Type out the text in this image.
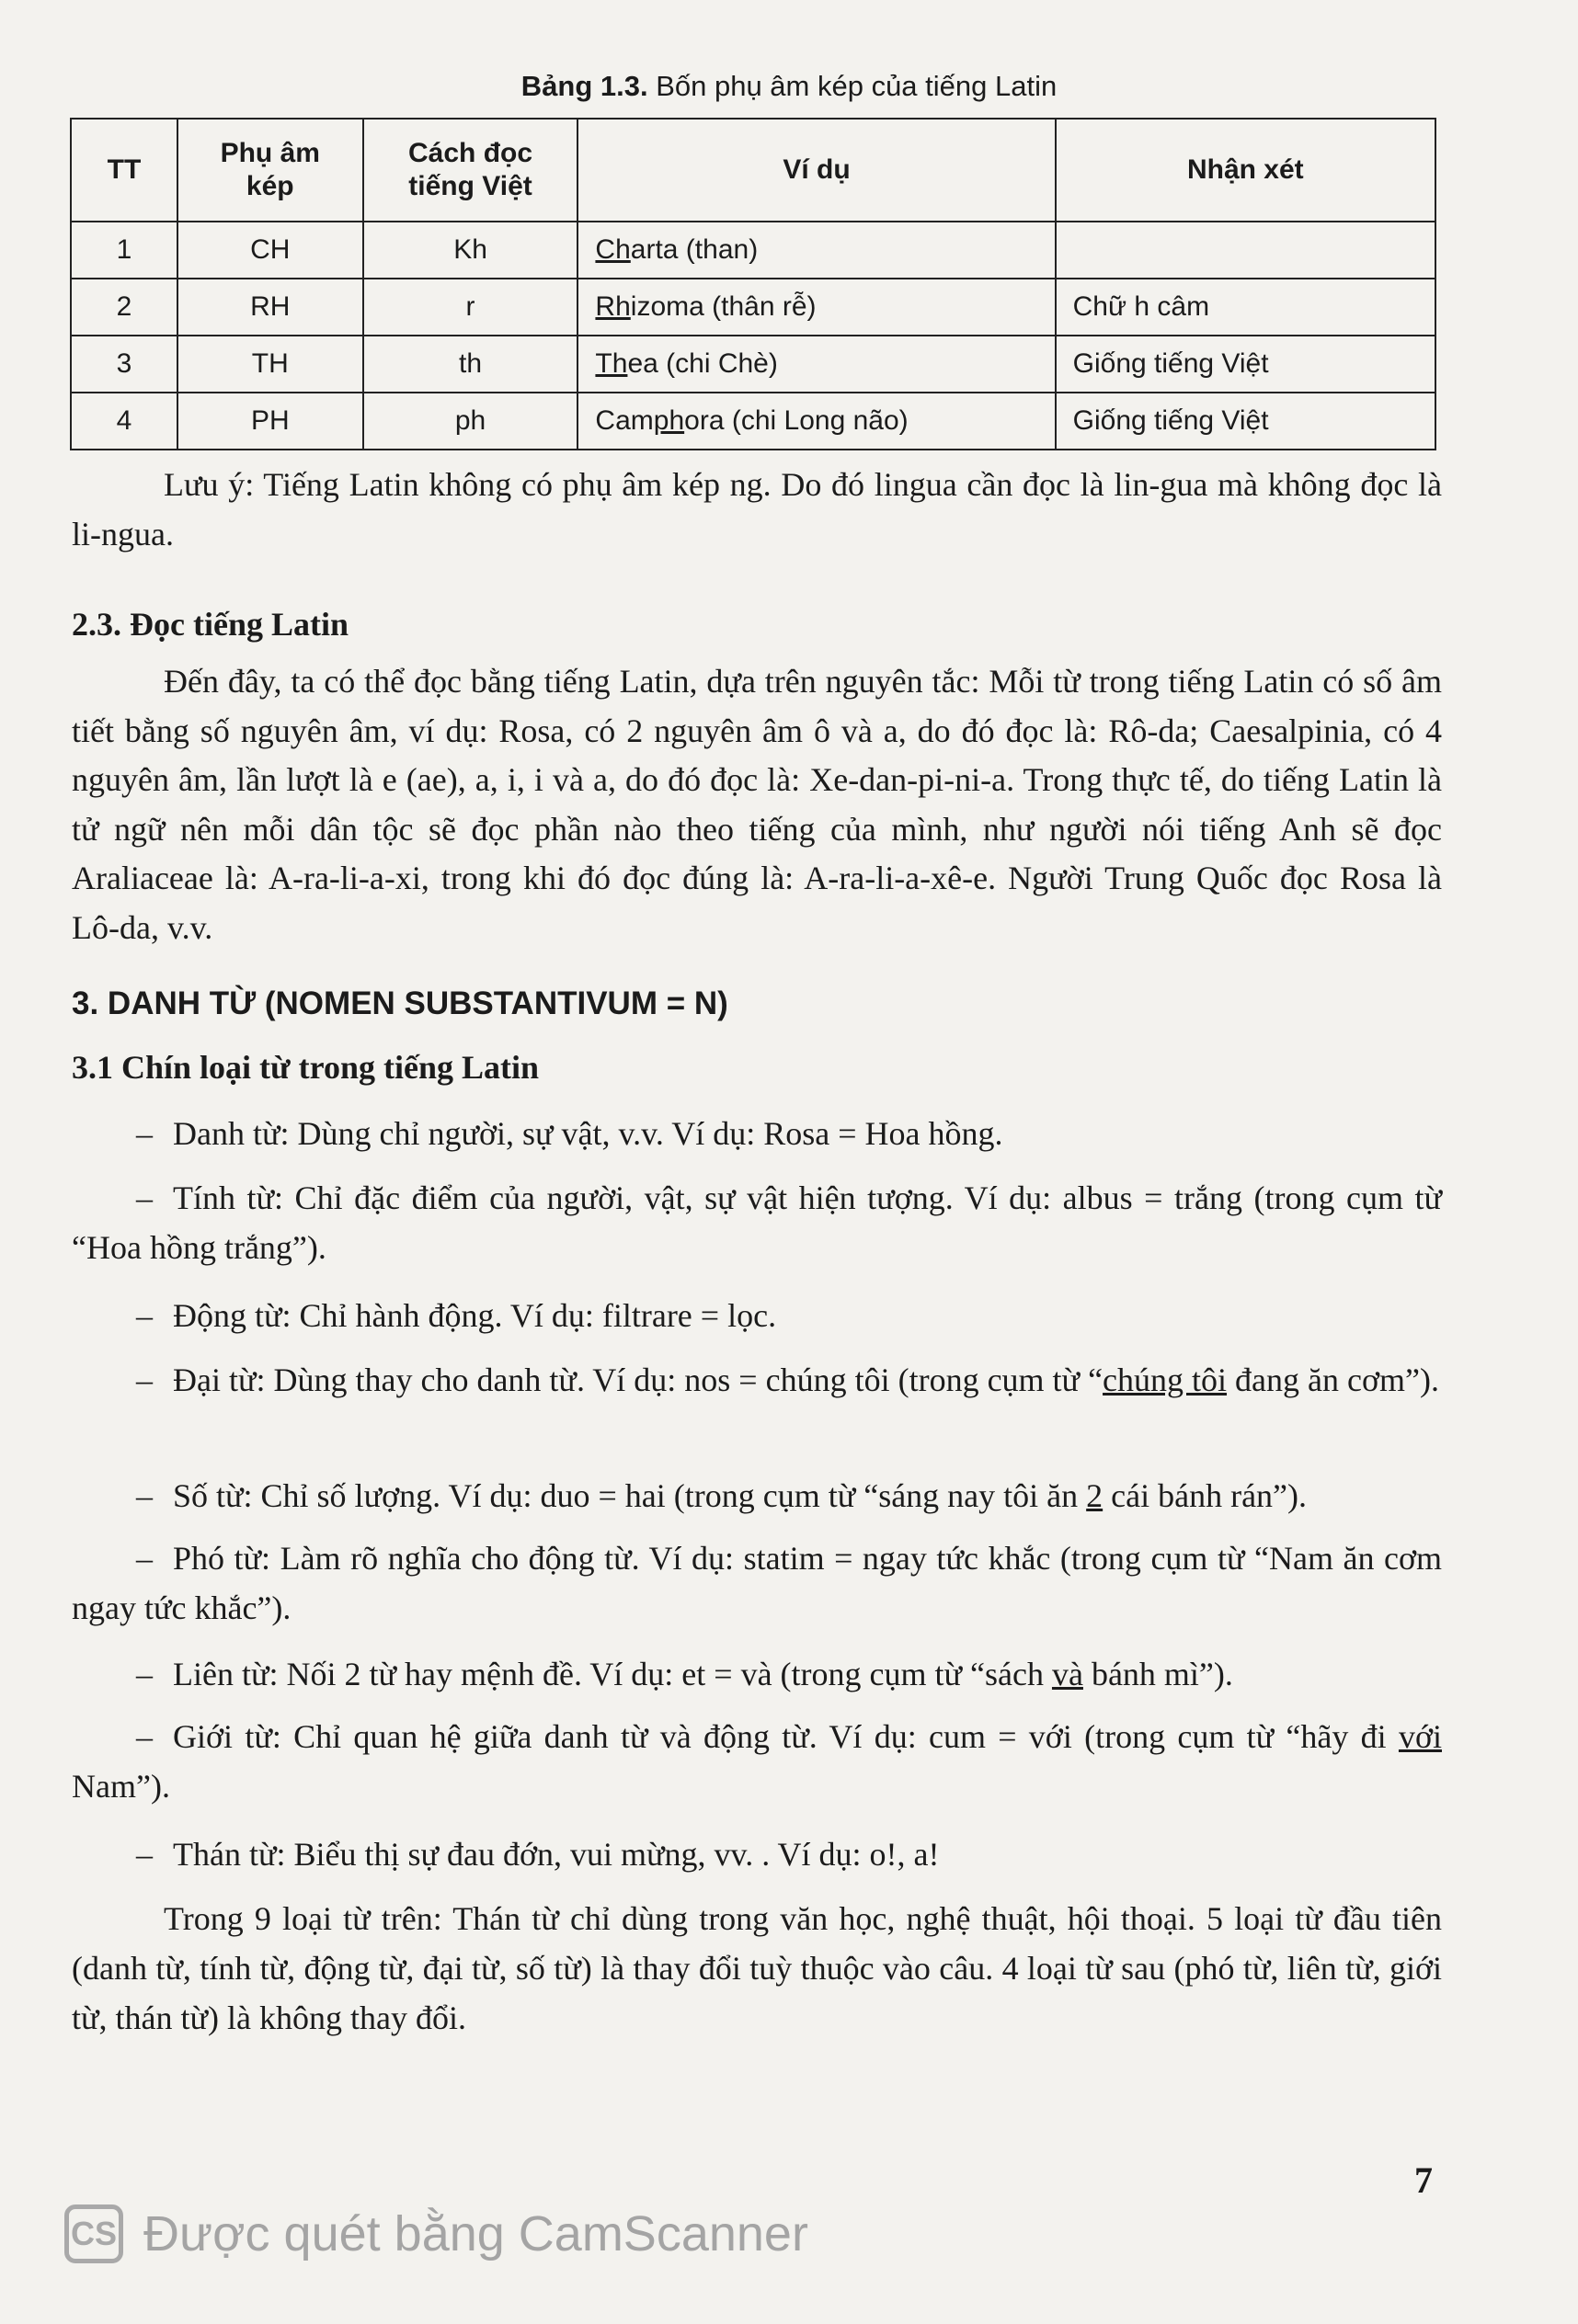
Bảng 1.3. Bốn phụ âm kép của tiếng Latin
TT	Phụ âm kép	Cách đọc tiếng Việt	Ví dụ	Nhận xét
1	CH	Kh	Charta (than)	
2	RH	r	Rhizoma (thân rễ)	Chữ h câm
3	TH	th	Thea (chi Chè)	Giống tiếng Việt
4	PH	ph	Camphora (chi Long não)	Giống tiếng Việt
Lưu ý: Tiếng Latin không có phụ âm kép ng. Do đó lingua cần đọc là lin-gua mà không đọc là li-ngua.
2.3. Đọc tiếng Latin
Đến đây, ta có thể đọc bằng tiếng Latin, dựa trên nguyên tắc: Mỗi từ trong tiếng Latin có số âm tiết bằng số nguyên âm, ví dụ: Rosa, có 2 nguyên âm ô và a, do đó đọc là: Rô-da; Caesalpinia, có 4 nguyên âm, lần lượt là e (ae), a, i, i và a, do đó đọc là: Xe-dan-pi-ni-a. Trong thực tế, do tiếng Latin là tử ngữ nên mỗi dân tộc sẽ đọc phần nào theo tiếng của mình, như người nói tiếng Anh sẽ đọc Araliaceae là: A-ra-li-a-xi, trong khi đó đọc đúng là: A-ra-li-a-xê-e. Người Trung Quốc đọc Rosa là Lô-da, v.v.
3. DANH TỪ (NOMEN SUBSTANTIVUM = N)
3.1 Chín loại từ trong tiếng Latin
– Danh từ: Dùng chỉ người, sự vật, v.v. Ví dụ: Rosa = Hoa hồng.
– Tính từ: Chỉ đặc điểm của người, vật, sự vật hiện tượng. Ví dụ: albus = trắng (trong cụm từ “Hoa hồng trắng”).
– Động từ: Chỉ hành động. Ví dụ: filtrare = lọc.
– Đại từ: Dùng thay cho danh từ. Ví dụ: nos = chúng tôi (trong cụm từ “chúng tôi đang ăn cơm”).
– Số từ: Chỉ số lượng. Ví dụ: duo = hai (trong cụm từ “sáng nay tôi ăn 2 cái bánh rán”).
– Phó từ: Làm rõ nghĩa cho động từ. Ví dụ: statim = ngay tức khắc (trong cụm từ “Nam ăn cơm ngay tức khắc”).
– Liên từ: Nối 2 từ hay mệnh đề. Ví dụ: et = và (trong cụm từ “sách và bánh mì”).
– Giới từ: Chỉ quan hệ giữa danh từ và động từ. Ví dụ: cum = với (trong cụm từ “hãy đi với Nam”).
– Thán từ: Biểu thị sự đau đớn, vui mừng, vv. . Ví dụ: o!, a!
Trong 9 loại từ trên: Thán từ chỉ dùng trong văn học, nghệ thuật, hội thoại. 5 loại từ đầu tiên (danh từ, tính từ, động từ, đại từ, số từ) là thay đổi tuỳ thuộc vào câu. 4 loại từ sau (phó từ, liên từ, giới từ, thán từ) là không thay đổi.
7
CS Được quét bằng CamScanner
